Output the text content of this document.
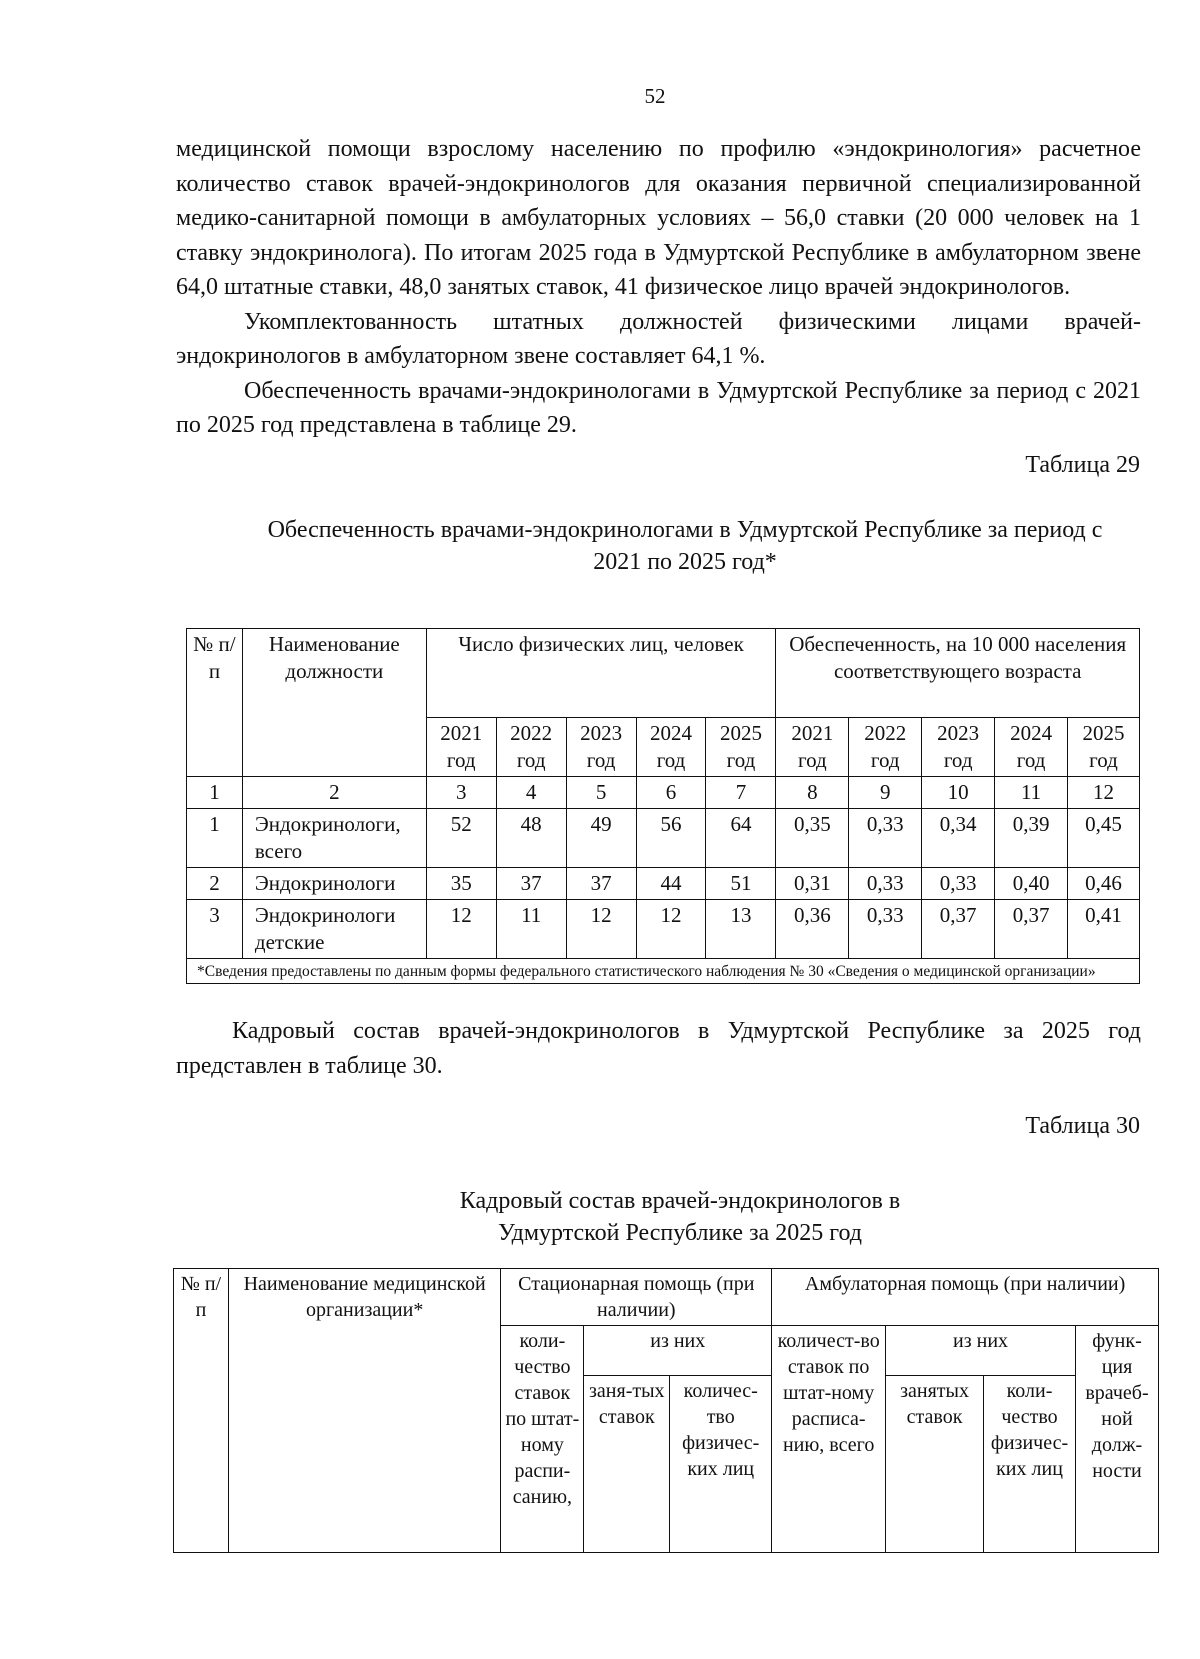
52

медицинской помощи взрослому населению по профилю «эндокринология» расчетное количество ставок врачей-эндокринологов для оказания первичной специализированной медико-санитарной помощи в амбулаторных условиях – 56,0 ставки (20 000 человек на 1 ставку эндокринолога). По итогам 2025 года в Удмуртской Республике в амбулаторном звене 64,0 штатные ставки, 48,0 занятых ставок, 41 физическое лицо врачей эндокринологов.

Укомплектованность штатных должностей физическими лицами врачей-эндокринологов в амбулаторном звене составляет 64,1 %.

Обеспеченность врачами-эндокринологами в Удмуртской Республике за период с 2021 по 2025 год представлена в таблице 29.

Таблица 29
Обеспеченность врачами-эндокринологами в Удмуртской Республике за период с 2021 по 2025 год*
№ п/п	Наименование должности	Число физических лиц, человек					Обеспеченность, на 10 000 населения соответствующего возраста				
		2021 год	2022 год	2023 год	2024 год	2025 год	2021 год	2022 год	2023 год	2024 год	2025 год
1	2	3	4	5	6	7	8	9	10	11	12
1	Эндокринологи, всего	52	48	49	56	64	0,35	0,33	0,34	0,39	0,45
2	Эндокринологи	35	37	37	44	51	0,31	0,33	0,33	0,40	0,46
3	Эндокринологи детские	12	11	12	12	13	0,36	0,33	0,37	0,37	0,41
*Сведения предоставлены по данным формы федерального статистического наблюдения № 30 «Сведения о медицинской организации»											

Кадровый состав врачей-эндокринологов в Удмуртской Республике за 2025 год представлен в таблице 30.

Таблица 30
Кадровый состав врачей-эндокринологов в Удмуртской Республике за 2025 год
№ п/п	Наименование медицинской организации*	Стационарная помощь (при наличии)			Амбулаторная помощь (при наличии)			
		коли-чество ставок по штат-ному распи-санию,	из них		количест-во ставок по штат-ному расписа-нию, всего	из них		функ-ция врачеб-ной долж-ности
			заня-тых ставок	количес-тво физичес-ких лиц		занятых ставок	коли-чество физичес-ких лиц	
